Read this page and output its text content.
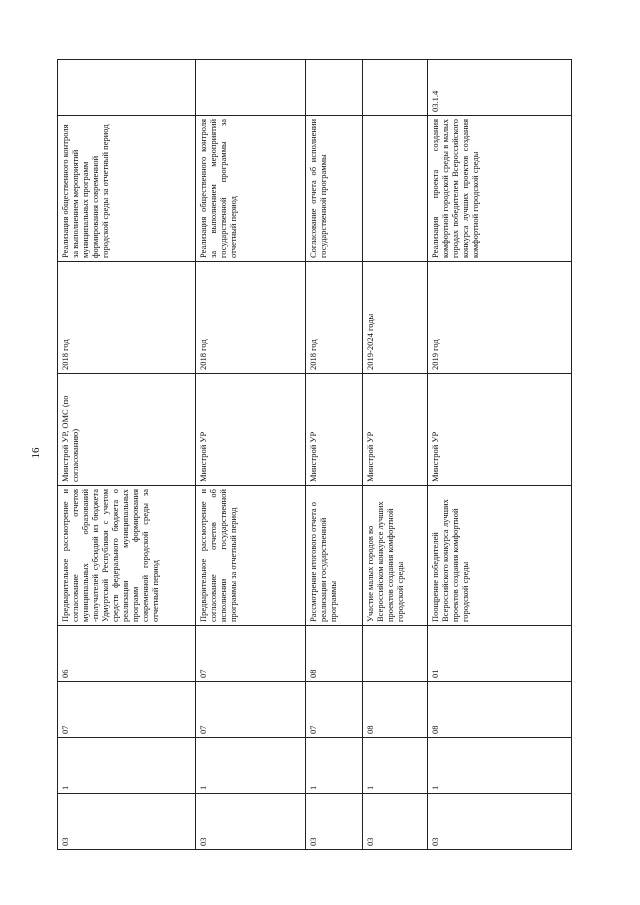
16
03	1	07	06	Предварительное рассмотрение и согласование отчетов муниципальных образований -получателей субсидий из бюджета Удмуртской Республики с учетом средств федерального бюджета о реализации муниципальных программ формирования современной городской среды за отчетный период	Минстрой УР, ОМС (по согласованию)	2018 год	Реализация общественного контроля за выполнением мероприятий муниципальных программ формирования современной городской среды за отчетный период	
03	1	07	07	Предварительное рассмотрение и согласование отчетов об исполнении государственной программы за отчетный период	Минстрой УР	2018 год	Реализация общественного контроля за выполнением мероприятий государственной программы за отчетный период	
03	1	07	08	Рассмотрение итогового отчета о реализации государственной программы	Минстрой УР	2018 год	Согласование отчета об исполнении государственной программы	
03	1	08		Участие малых городов во Всероссийском конкурсе лучших проектов создания комфортной городской среды	Минстрой УР	2019-2024 годы		
03	1	08	01	Поощрение победителей Всероссийского конкурса лучших проектов создания комфортной городской среды	Минстрой УР	2019 год	Реализация проекта создания комфортной городской среды в малых городах победителем Всероссийского конкурса лучших проектов создания комфортной городской среды	03.1.4
